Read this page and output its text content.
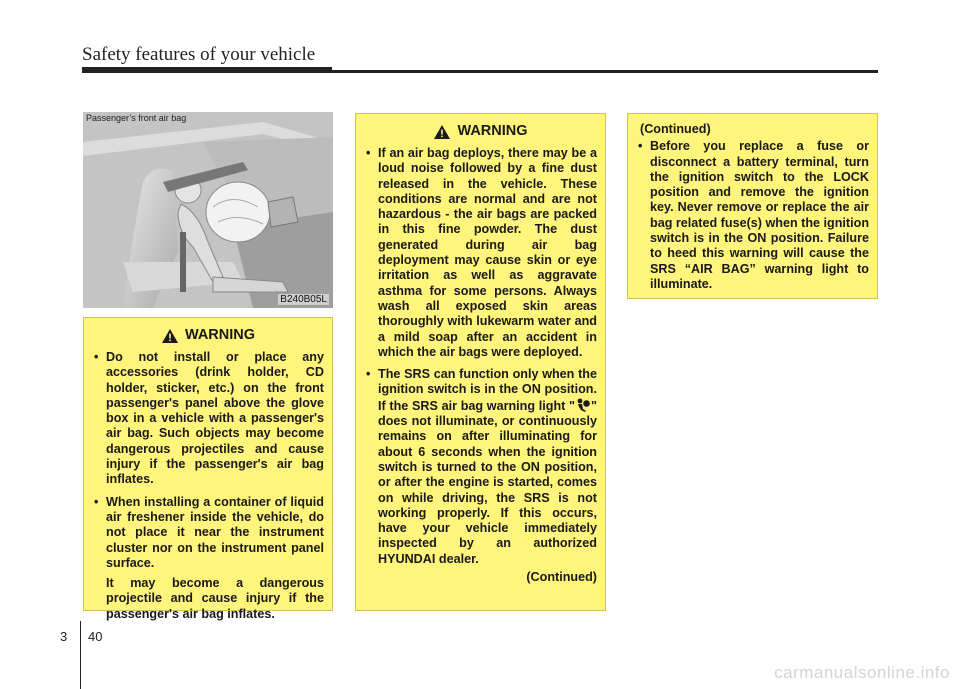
Safety features of your vehicle
B240B05L
Passenger’s front air bag
WARNING
• Do not install or place any accessories (drink holder, CD holder, sticker, etc.) on the front passenger's panel above the glove box in a vehicle with a passenger's air bag. Such objects may become dangerous projectiles and cause injury if the passenger's air bag inflates.
• When installing a container of liquid air freshener inside the vehicle, do not place it near the instrument cluster nor on the instrument panel surface.

It may become a dangerous projectile and cause injury if the passenger's air bag inflates.

WARNING
• If an air bag deploys, there may be a loud noise followed by a fine dust released in the vehicle. These conditions are normal and are not hazardous - the air bags are packed in this fine powder. The dust generated during air bag deployment may cause skin or eye irritation as well as aggravate asthma for some persons. Always wash all exposed skin areas thoroughly with lukewarm water and a mild soap after an accident in which the air bags were deployed.
• The SRS can function only when the ignition switch is in the ON position. If the SRS air bag warning light " " does not illuminate, or continuously remains on after illuminating for about 6 seconds when the ignition switch is turned to the ON position, or after the engine is started, comes on while driving, the SRS is not working properly. If this occurs, have your vehicle immediately inspected by an authorized HYUNDAI dealer.
(Continued)
(Continued)
• Before you replace a fuse or disconnect a battery terminal, turn the ignition switch to the LOCK position and remove the ignition key. Never remove or replace the air bag related fuse(s) when the ignition switch is in the ON position. Failure to heed this warning will cause the SRS “AIR BAG” warning light to illuminate.
3 40
carmanualsonline.info
